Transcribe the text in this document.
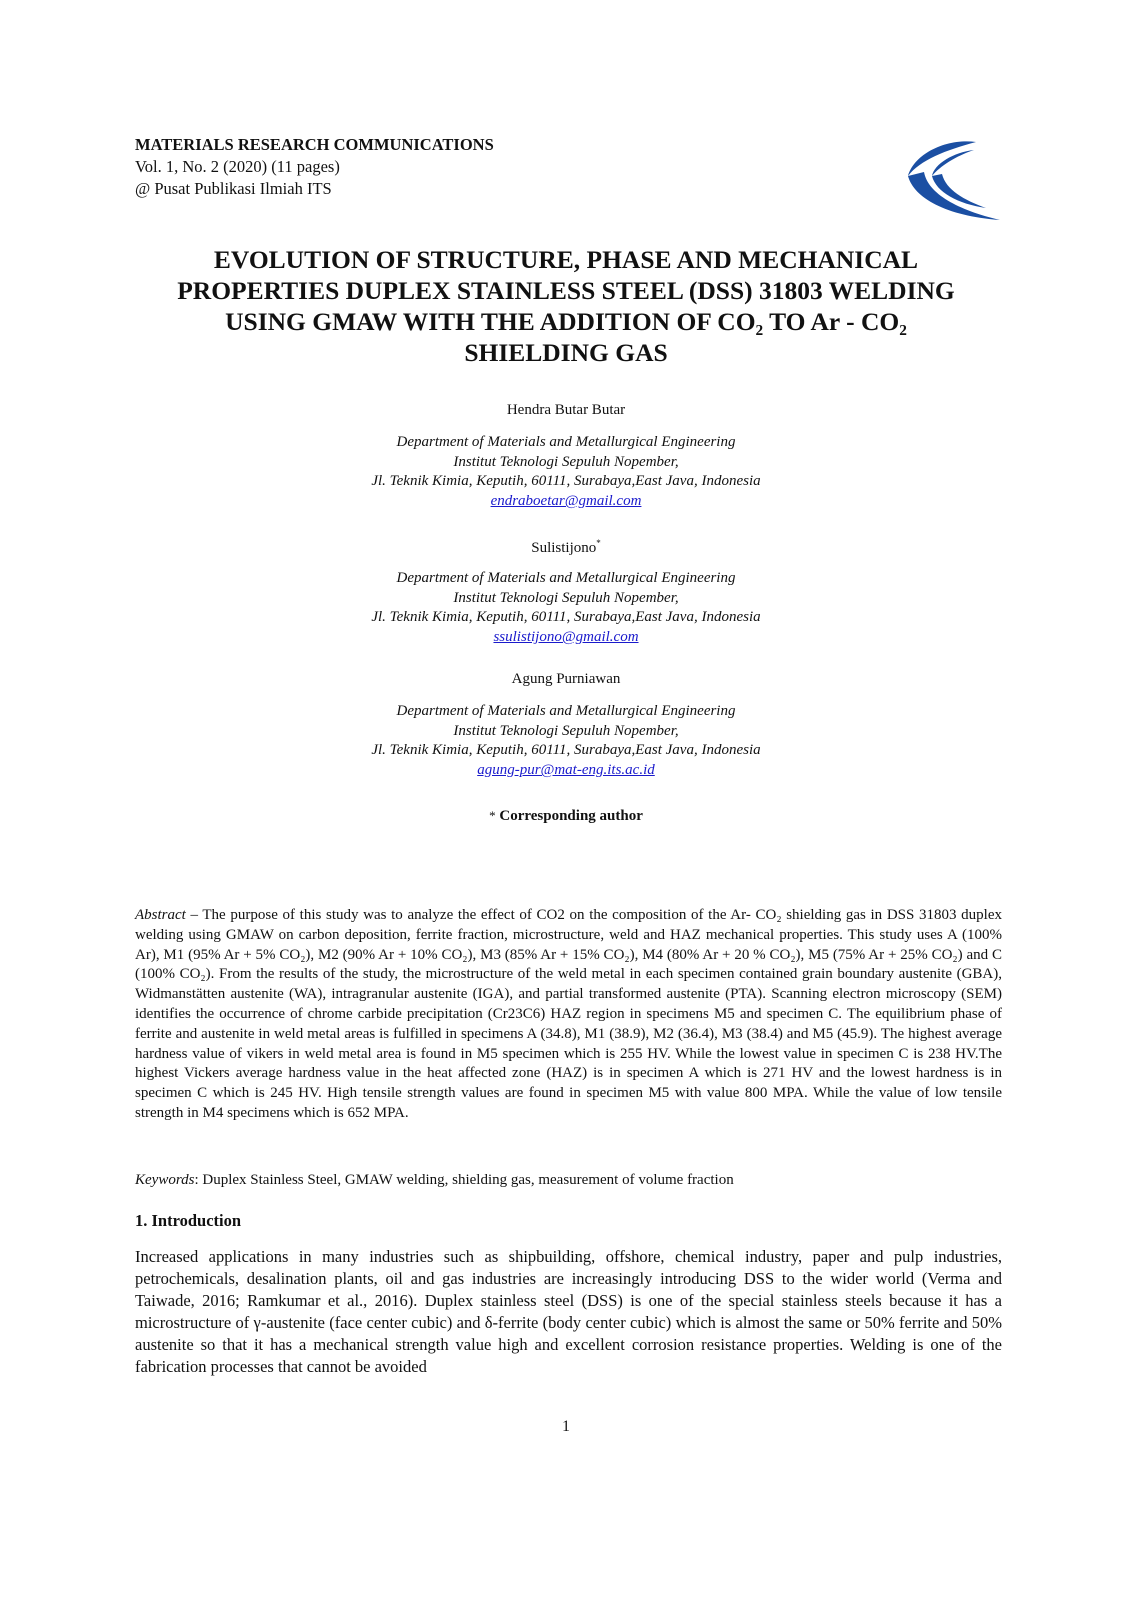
MATERIALS RESEARCH COMMUNICATIONS
Vol. 1, No. 2 (2020) (11 pages)
@ Pusat Publikasi Ilmiah ITS
EVOLUTION OF STRUCTURE, PHASE AND MECHANICAL
PROPERTIES DUPLEX STAINLESS STEEL (DSS) 31803 WELDING
USING GMAW WITH THE ADDITION OF CO₂ TO Ar - CO₂
SHIELDING GAS
Hendra Butar Butar
Department of Materials and Metallurgical Engineering
Institut Teknologi Sepuluh Nopember,
Jl. Teknik Kimia, Keputih, 60111, Surabaya,East Java, Indonesia
endraboetar@gmail.com
Sulistijono*
Department of Materials and Metallurgical Engineering
Institut Teknologi Sepuluh Nopember,
Jl. Teknik Kimia, Keputih, 60111, Surabaya,East Java, Indonesia
ssulistijono@gmail.com
Agung Purniawan
Department of Materials and Metallurgical Engineering
Institut Teknologi Sepuluh Nopember,
Jl. Teknik Kimia, Keputih, 60111, Surabaya,East Java, Indonesia
agung-pur@mat-eng.its.ac.id
* Corresponding author

Abstract – The purpose of this study was to analyze the effect of CO2 on the composition of the Ar- CO₂ shielding gas in DSS 31803 duplex welding using GMAW on carbon deposition, ferrite fraction, microstructure, weld and HAZ mechanical properties. This study uses A (100% Ar), M1 (95% Ar + 5% CO₂), M2 (90% Ar + 10% CO₂), M3 (85% Ar + 15% CO₂), M4 (80% Ar + 20 % CO₂), M5 (75% Ar + 25% CO₂) and C (100% CO₂). From the results of the study, the microstructure of the weld metal in each specimen contained grain boundary austenite (GBA), Widmanstätten austenite (WA), intragranular austenite (IGA), and partial transformed austenite (PTA). Scanning electron microscopy (SEM) identifies the occurrence of chrome carbide precipitation (Cr23C6) HAZ region in specimens M5 and specimen C. The equilibrium phase of ferrite and austenite in weld metal areas is fulfilled in specimens A (34.8), M1 (38.9), M2 (36.4), M3 (38.4) and M5 (45.9). The highest average hardness value of vikers in weld metal area is found in M5 specimen which is 255 HV. While the lowest value in specimen C is 238 HV.The highest Vickers average hardness value in the heat affected zone (HAZ) is in specimen A which is 271 HV and the lowest hardness is in specimen C which is 245 HV. High tensile strength values are found in specimen M5 with value 800 MPA. While the value of low tensile strength in M4 specimens which is 652 MPA.

Keywords: Duplex Stainless Steel, GMAW welding, shielding gas, measurement of volume fraction

1. Introduction

Increased applications in many industries such as shipbuilding, offshore, chemical industry, paper and pulp industries, petrochemicals, desalination plants, oil and gas industries are increasingly introducing DSS to the wider world (Verma and Taiwade, 2016; Ramkumar et al., 2016). Duplex stainless steel (DSS) is one of the special stainless steels because it has a microstructure of γ-austenite (face center cubic) and δ-ferrite (body center cubic) which is almost the same or 50% ferrite and 50% austenite so that it has a mechanical strength value high and excellent corrosion resistance properties. Welding is one of the fabrication processes that cannot be avoided

1
